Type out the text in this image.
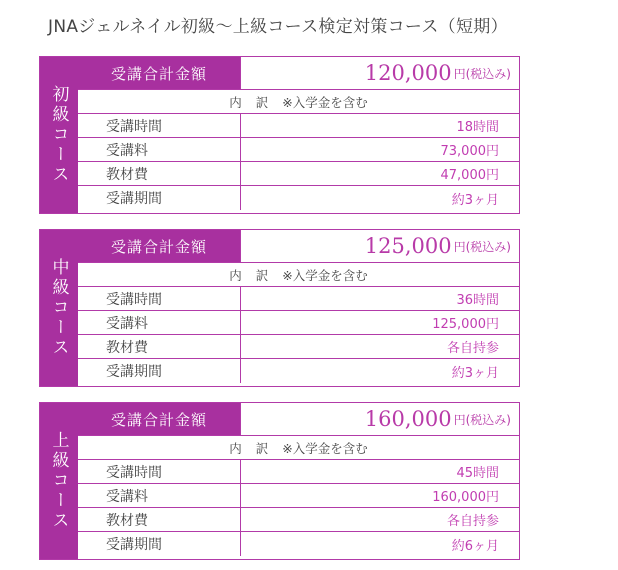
JNAジェルネイル初級〜上級コース検定対策コース（短期）
初級コース
受講合計金額	120,000 円(税込み)
内訳 ※入学金を含む
受講時間	18時間
受講料	73,000円
教材費	47,000円
受講期間	約3ヶ月
中級コース
受講合計金額	125,000 円(税込み)
内訳 ※入学金を含む
受講時間	36時間
受講料	125,000円
教材費	各自持参
受講期間	約3ヶ月
上級コース
受講合計金額	160,000 円(税込み)
内訳 ※入学金を含む
受講時間	45時間
受講料	160,000円
教材費	各自持参
受講期間	約6ヶ月
